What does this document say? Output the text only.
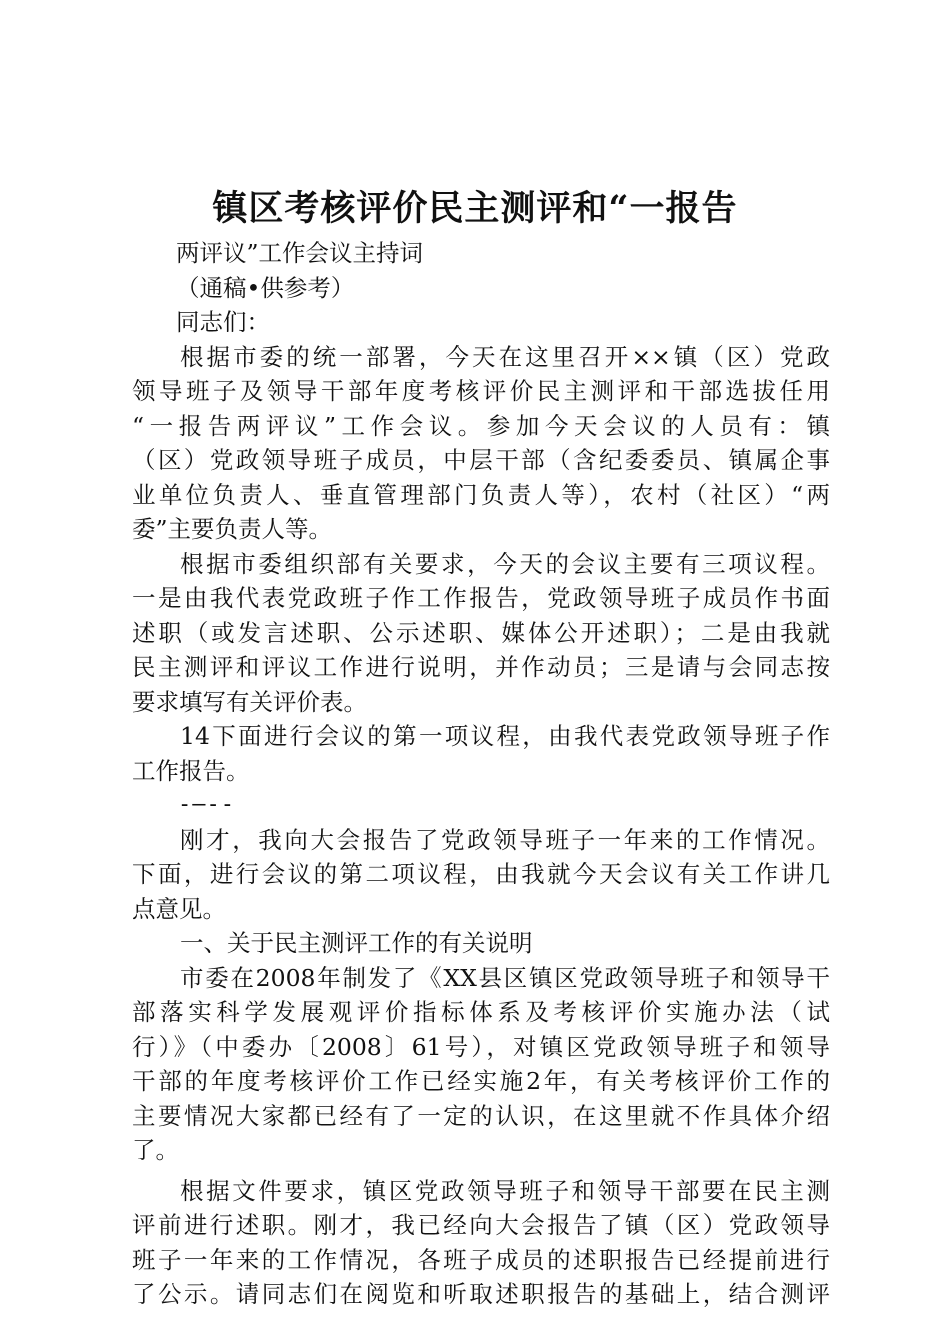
镇区考核评价民主测评和“一报告
两评议”工作会议主持词
（通稿•供参考）
同志们：
根据市委的统一部署，今天在这里召开××镇（区）党政
领导班子及领导干部年度考核评价民主测评和干部选拔任用
“一报告两评议”工作会议。参加今天会议的人员有：镇
（区）党政领导班子成员，中层干部（含纪委委员、镇属企事
业单位负责人、垂直管理部门负责人等），农村（社区）“两
委”主要负责人等。
根据市委组织部有关要求，今天的会议主要有三项议程。
一是由我代表党政班子作工作报告，党政领导班子成员作书面
述职（或发言述职、公示述职、媒体公开述职）；二是由我就
民主测评和评议工作进行说明，并作动员；三是请与会同志按
要求填写有关评价表。
14下面进行会议的第一项议程，由我代表党政领导班子作
工作报告。
-—--
刚才，我向大会报告了党政领导班子一年来的工作情况。
下面，进行会议的第二项议程，由我就今天会议有关工作讲几
点意见。
一、关于民主测评工作的有关说明
市委在2008年制发了《XX县区镇区党政领导班子和领导干
部落实科学发展观评价指标体系及考核评价实施办法（试
行）》（中委办〔2008〕61号），对镇区党政领导班子和领导
干部的年度考核评价工作已经实施2年，有关考核评价工作的
主要情况大家都已经有了一定的认识，在这里就不作具体介绍
了。
根据文件要求，镇区党政领导班子和领导干部要在民主测
评前进行述职。刚才，我已经向大会报告了镇（区）党政领导
班子一年来的工作情况，各班子成员的述职报告已经提前进行
了公示。请同志们在阅览和听取述职报告的基础上，结合测评
